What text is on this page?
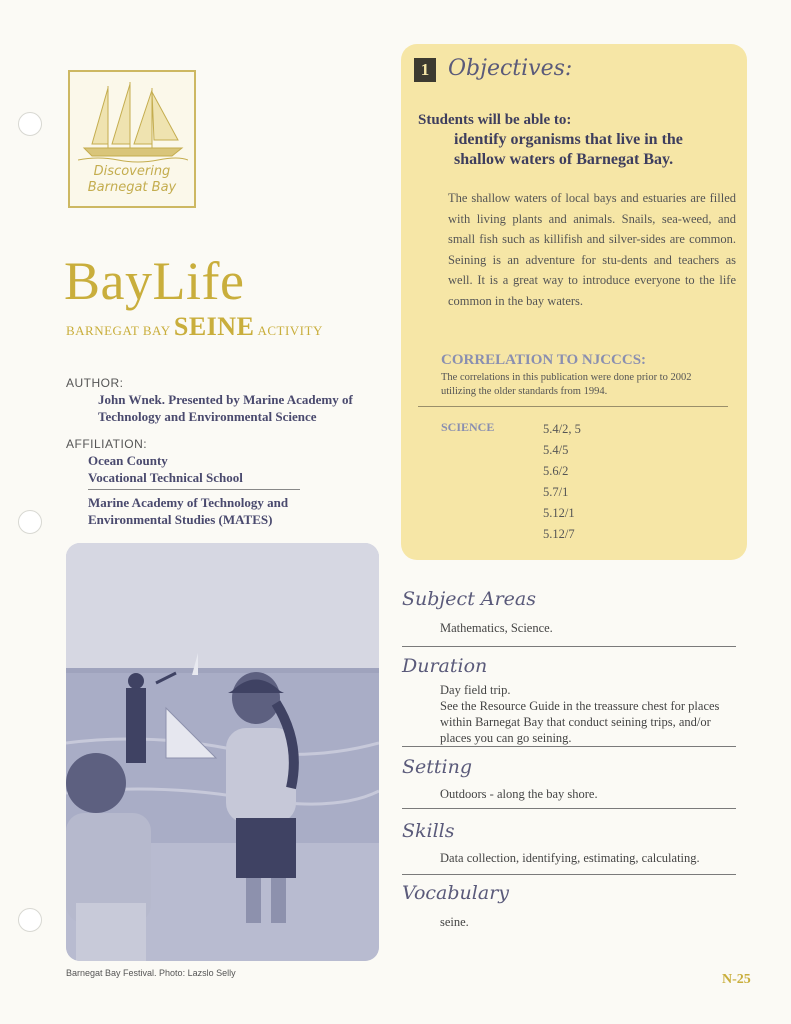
Discovering
Barnegat Bay
BayLife
BARNEGAT BAY SEINE ACTIVITY
AUTHOR:
John Wnek. Presented by Marine Academy of
Technology and Environmental Science
AFFILIATION:
Ocean County
Vocational Technical School
Marine Academy of Technology and
Environmental Studies (MATES)
Barnegat Bay Festival. Photo: Lazslo Selly
1 Objectives:
Students will be able to:
identify organisms that live in the shallow waters of Barnegat Bay.
The shallow waters of local bays and estuaries are filled with living plants and animals. Snails, sea-weed, and small fish such as killifish and silver-sides are common. Seining is an adventure for stu-dents and teachers as well. It is a great way to introduce everyone to the life common in the bay waters.
CORRELATION TO NJCCCS:
The correlations in this publication were done prior to 2002 utilizing the older standards from 1994.
SCIENCE	5.4/2, 5
5.4/5
5.6/2
5.7/1
5.12/1
5.12/7
Subject Areas
Mathematics, Science.
Duration
Day field trip.
See the Resource Guide in the treassure chest for places within Barnegat Bay that conduct seining trips, and/or places you can go seining.
Setting
Outdoors - along the bay shore.
Skills
Data collection, identifying, estimating, calculating.
Vocabulary
seine.
N-25
